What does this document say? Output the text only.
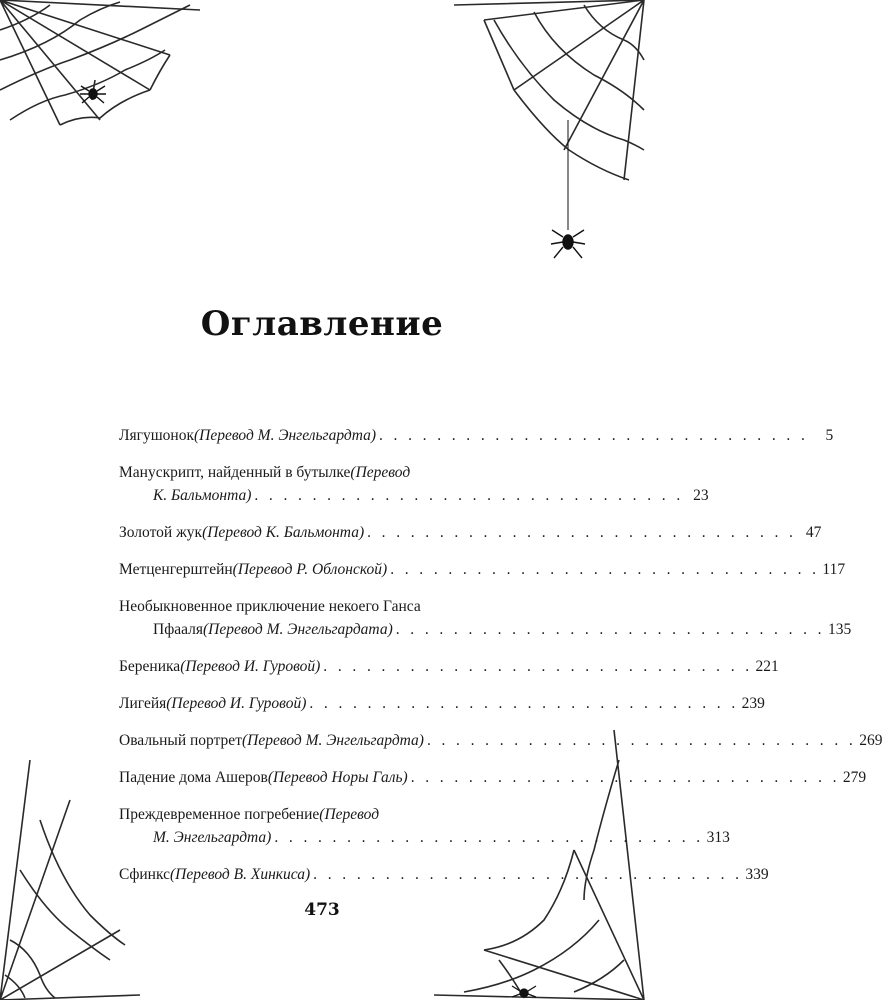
Оглавление
Лягушонок (Перевод М. Энгельгардта) . . . . . . . . . . . . . . . . . . . . . . . . . . . . . .	5
Манускрипт, найденный в бутылке (Перевод
К. Бальмонта) . . . . . . . . . . . . . . . . . . . . . . . . . . . . . . 23
Золотой жук (Перевод К. Бальмонта) . . . . . . . . . . . . . . . . . . . . . . . . . . . . . . 47
Метценгерштейн (Перевод Р. Облонской) . . . . . . . . . . . . . . . . . . . . . . . . . . . . . . 117
Необыкновенное приключение некоего Ганса
Пфааля (Перевод М. Энгельгардата) . . . . . . . . . . . . . . . . . . . . . . . . . . . . . . 135
Береника (Перевод И. Гуровой) . . . . . . . . . . . . . . . . . . . . . . . . . . . . . . 221
Лигейя (Перевод И. Гуровой) . . . . . . . . . . . . . . . . . . . . . . . . . . . . . . 239
Овальный портрет (Перевод М. Энгельгардта) . . . . . . . . . . . . . . . . . . . . . . . . . . . . . . 269
Падение дома Ашеров (Перевод Норы Галь) . . . . . . . . . . . . . . . . . . . . . . . . . . . . . . 279
Преждевременное погребение (Перевод
М. Энгельгардта) . . . . . . . . . . . . . . . . . . . . . . . . . . . . . . 313
Сфинкс (Перевод В. Хинкиса) . . . . . . . . . . . . . . . . . . . . . . . . . . . . . . 339
473
